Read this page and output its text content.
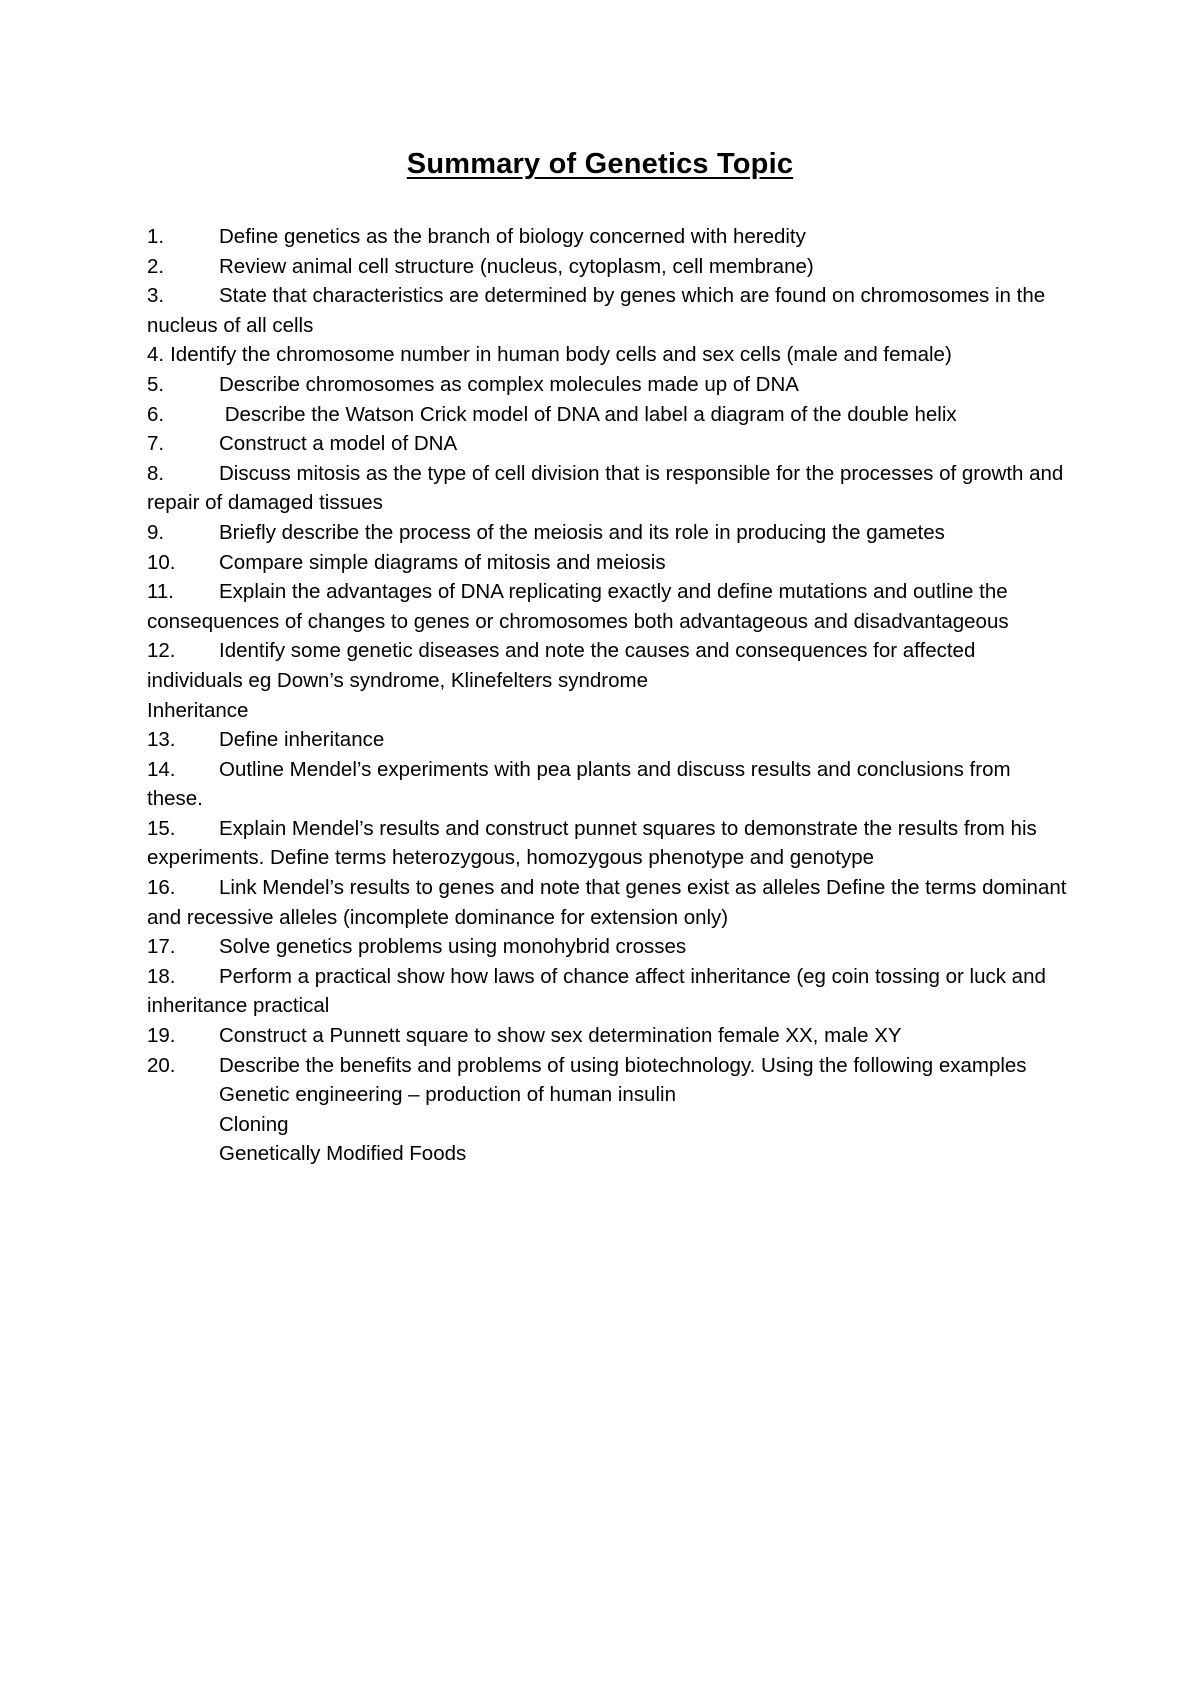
Summary of Genetics Topic

1.	Define genetics as the branch of biology concerned with heredity

2.	Review animal cell structure (nucleus, cytoplasm, cell membrane)

3.	State that characteristics are determined by genes which are found on chromosomes in the nucleus of all cells

4. Identify the chromosome number in human body cells and sex cells (male and female)

5.	Describe chromosomes as complex molecules made up of DNA

6.	Describe the Watson Crick model of DNA and label a diagram of the double helix

7.	Construct a model of DNA

8.	Discuss mitosis as the type of cell division that is responsible for the processes of growth and repair of damaged tissues

9.	Briefly describe the process of the meiosis and its role in producing the gametes

10. Compare simple diagrams of mitosis and meiosis

11. Explain the advantages of DNA replicating exactly and define mutations and outline the consequences of changes to genes or chromosomes both advantageous and disadvantageous

12. Identify some genetic diseases and note the causes and consequences for affected individuals eg Down’s syndrome, Klinefelters syndrome

Inheritance

13. Define inheritance

14. Outline Mendel’s experiments with pea plants and discuss results and conclusions from these.

15. Explain Mendel’s results and construct punnet squares to demonstrate the results from his experiments. Define terms heterozygous, homozygous phenotype and genotype

16. Link Mendel’s results to genes and note that genes exist as alleles Define the terms dominant and recessive alleles (incomplete dominance for extension only)

17. Solve genetics problems using monohybrid crosses

18. Perform a practical show how laws of chance affect inheritance (eg coin tossing or luck and inheritance practical

19. Construct a Punnett square to show sex determination female XX, male XY

20. Describe the benefits and problems of using biotechnology. Using the following examples

Genetic engineering – production of human insulin

Cloning

Genetically Modified Foods
